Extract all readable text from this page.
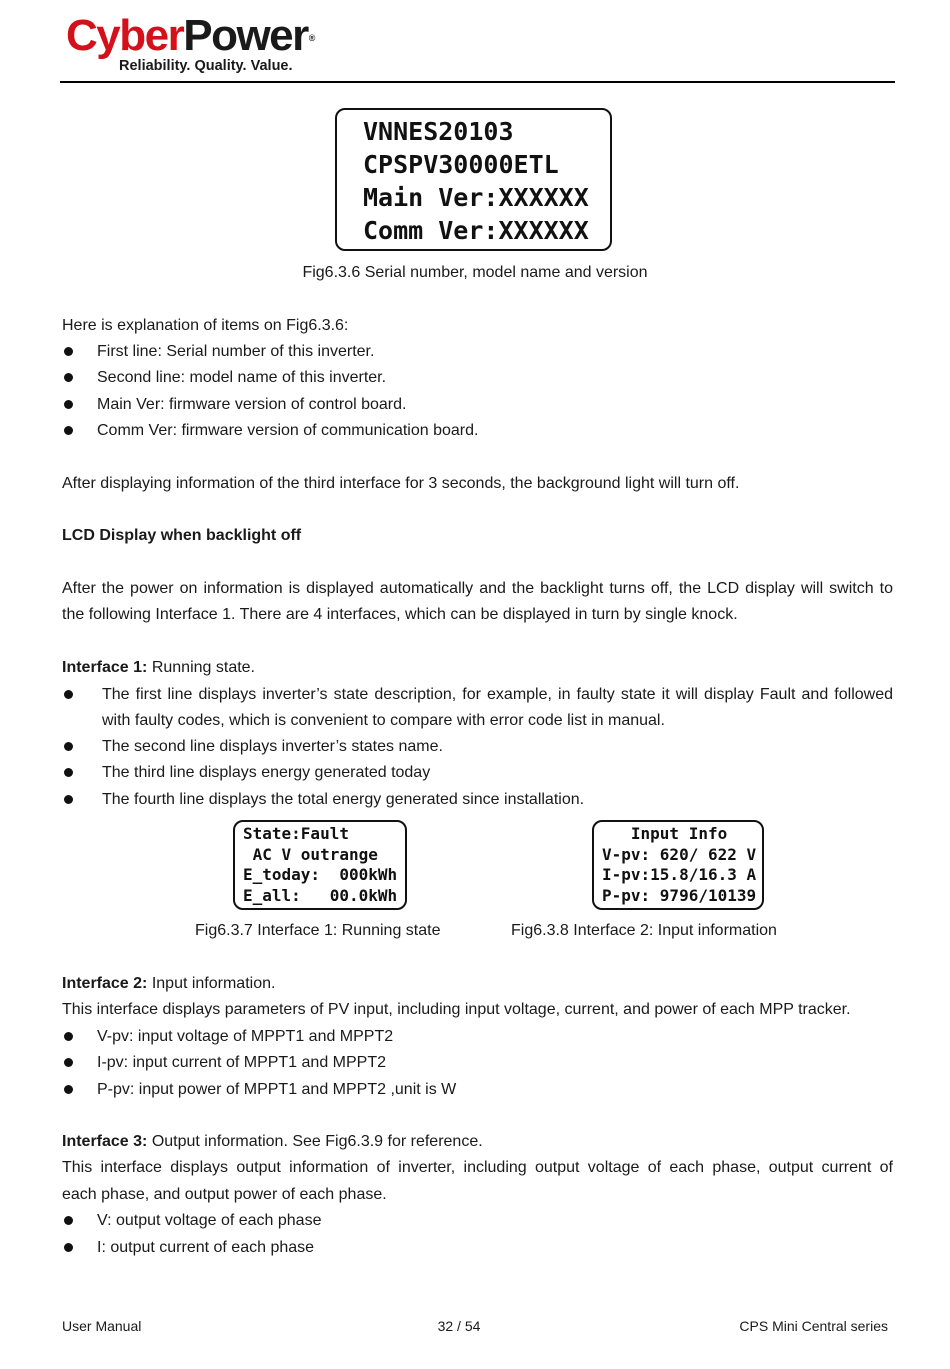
CyberPower®
Reliability. Quality. Value.
VNNES20103
CPSPV30000ETL
Main Ver:XXXXXX
Comm Ver:XXXXXX
Fig6.3.6 Serial number, model name and version
Here is explanation of items on Fig6.3.6:
First line: Serial number of this inverter.
Second line: model name of this inverter.
Main Ver: firmware version of control board.
Comm Ver: firmware version of communication board.
After displaying information of the third interface for 3 seconds, the background light will turn off.
LCD Display when backlight off
After the power on information is displayed automatically and the backlight turns off, the LCD display will switch to
the following Interface 1. There are 4 interfaces, which can be displayed in turn by single knock.
Interface 1: Running state.
The first line displays inverter’s state description, for example, in faulty state it will display Fault and followed
with faulty codes, which is convenient to compare with error code list in manual.
The second line displays inverter’s states name.
The third line displays energy generated today
The fourth line displays the total energy generated since installation.
State:Fault
AC V outrange
E_today:  000kWh
E_all:   00.0kWh
Input Info
V-pv: 620/ 622 V
I-pv:15.8/16.3 A
P-pv: 9796/10139
Fig6.3.7 Interface 1: Running state	Fig6.3.8 Interface 2: Input information
Interface 2: Input information.
This interface displays parameters of PV input, including input voltage, current, and power of each MPP tracker.
V-pv: input voltage of MPPT1 and MPPT2
I-pv: input current of MPPT1 and MPPT2
P-pv: input power of MPPT1 and MPPT2 ,unit is W
Interface 3: Output information. See Fig6.3.9 for reference.
This interface displays output information of inverter, including output voltage of each phase, output current of
each phase, and output power of each phase.
V: output voltage of each phase
I: output current of each phase
User Manual	32 / 54	CPS Mini Central series
